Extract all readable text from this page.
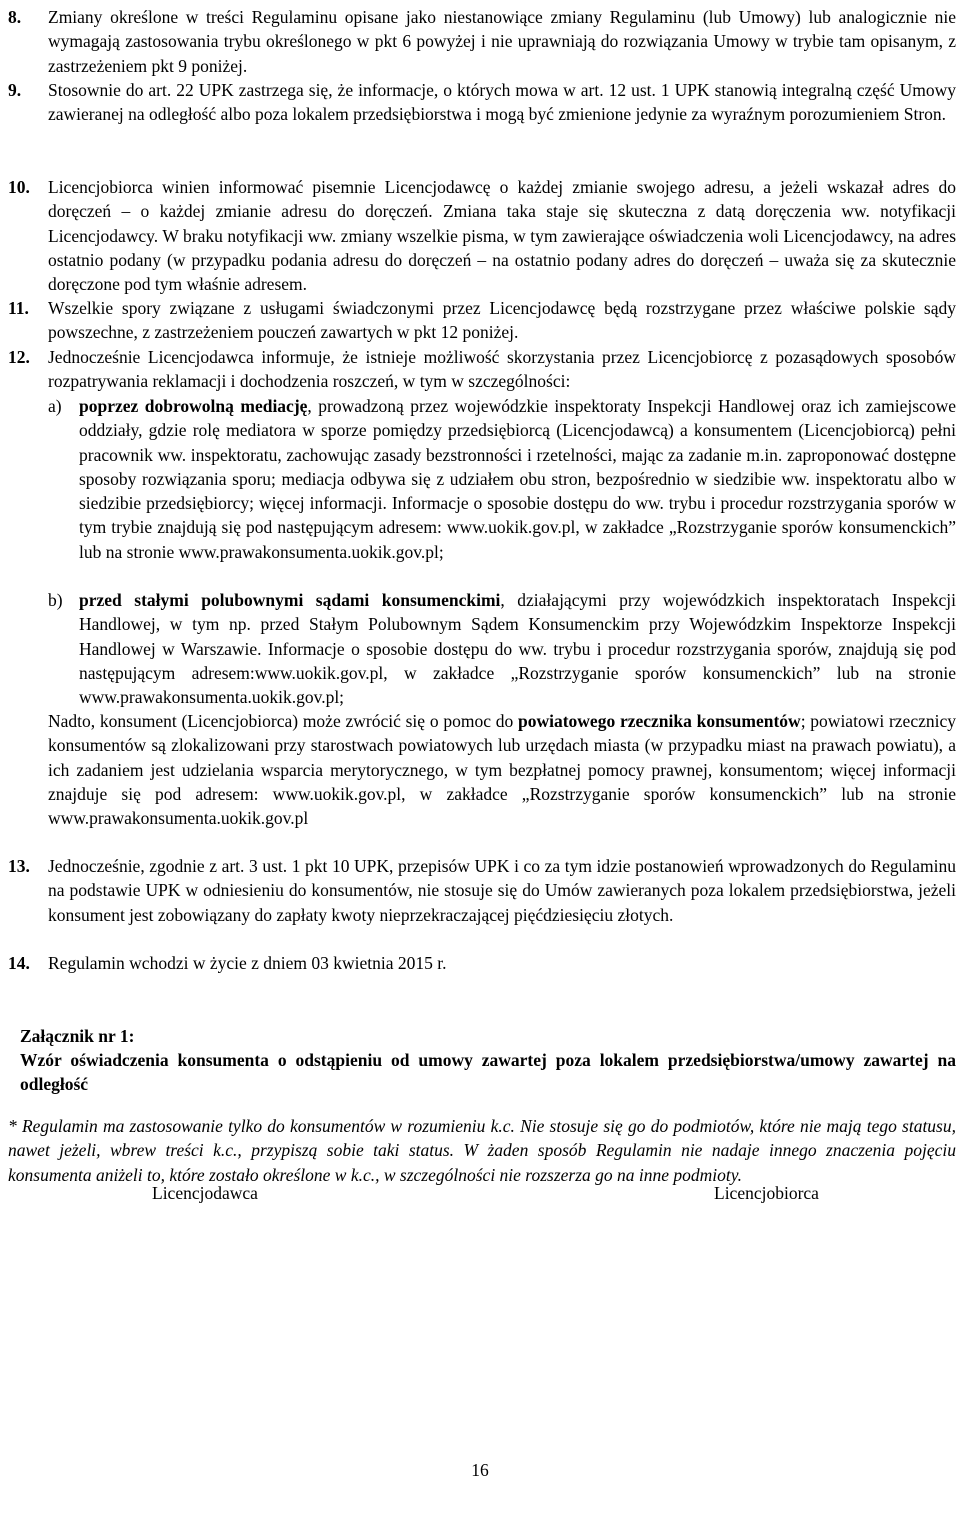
8. Zmiany określone w treści Regulaminu opisane jako niestanowiące zmiany Regulaminu (lub Umowy) lub analogicznie nie wymagają zastosowania trybu określonego w pkt 6 powyżej i nie uprawniają do rozwiązania Umowy w trybie tam opisanym, z zastrzeżeniem pkt 9 poniżej.
9. Stosownie do art. 22 UPK zastrzega się, że informacje, o których mowa w art. 12 ust. 1 UPK stanowią integralną część Umowy zawieranej na odległość albo poza lokalem przedsiębiorstwa i mogą być zmienione jedynie za wyraźnym porozumieniem Stron.
10. Licencjobiorca winien informować pisemnie Licencjodawcę o każdej zmianie swojego adresu, a jeżeli wskazał adres do doręczeń – o każdej zmianie adresu do doręczeń. Zmiana taka staje się skuteczna z datą doręczenia ww. notyfikacji Licencjodawcy. W braku notyfikacji ww. zmiany wszelkie pisma, w tym zawierające oświadczenia woli Licencjodawcy, na adres ostatnio podany (w przypadku podania adresu do doręczeń – na ostatnio podany adres do doręczeń – uważa się za skutecznie doręczone pod tym właśnie adresem.
11. Wszelkie spory związane z usługami świadczonymi przez Licencjodawcę będą rozstrzygane przez właściwe polskie sądy powszechne, z zastrzeżeniem pouczeń zawartych w pkt 12 poniżej.
12. Jednocześnie Licencjodawca informuje, że istnieje możliwość skorzystania przez Licencjobiorcę z pozasądowych sposobów rozpatrywania reklamacji i dochodzenia roszczeń, w tym w szczególności:
a) poprzez dobrowolną mediację, prowadzoną przez wojewódzkie inspektoraty Inspekcji Handlowej oraz ich zamiejscowe oddziały, gdzie rolę mediatora w sporze pomiędzy przedsiębiorcą (Licencjodawcą) a konsumentem (Licencjobiorcą) pełni pracownik ww. inspektoratu, zachowując zasady bezstronności i rzetelności, mając za zadanie m.in. zaproponować dostępne sposoby rozwiązania sporu; mediacja odbywa się z udziałem obu stron, bezpośrednio w siedzibie ww. inspektoratu albo w siedzibie przedsiębiorcy; więcej informacji. Informacje o sposobie dostępu do ww. trybu i procedur rozstrzygania sporów w tym trybie znajdują się pod następującym adresem: www.uokik.gov.pl, w zakładce „Rozstrzyganie sporów konsumenckich” lub na stronie www.prawakonsumenta.uokik.gov.pl;
b) przed stałymi polubownymi sądami konsumenckimi, działającymi przy wojewódzkich inspektoratach Inspekcji Handlowej, w tym np. przed Stałym Polubownym Sądem Konsumenckim przy Wojewódzkim Inspektorze Inspekcji Handlowej w Warszawie. Informacje o sposobie dostępu do ww. trybu i procedur rozstrzygania sporów, znajdują się pod następującym adresem:www.uokik.gov.pl, w zakładce „Rozstrzyganie sporów konsumenckich” lub na stronie www.prawakonsumenta.uokik.gov.pl;
Nadto, konsument (Licencjobiorca) może zwrócić się o pomoc do powiatowego rzecznika konsumentów; powiatowi rzecznicy konsumentów są zlokalizowani przy starostwach powiatowych lub urzędach miasta (w przypadku miast na prawach powiatu), a ich zadaniem jest udzielania wsparcia merytorycznego, w tym bezpłatnej pomocy prawnej, konsumentom; więcej informacji znajduje się pod adresem: www.uokik.gov.pl, w zakładce „Rozstrzyganie sporów konsumenckich” lub na stronie www.prawakonsumenta.uokik.gov.pl
13. Jednocześnie, zgodnie z art. 3 ust. 1 pkt 10 UPK, przepisów UPK i co za tym idzie postanowień wprowadzonych do Regulaminu na podstawie UPK w odniesieniu do konsumentów, nie stosuje się do Umów zawieranych poza lokalem przedsiębiorstwa, jeżeli konsument jest zobowiązany do zapłaty kwoty nieprzekraczającej pięćdziesięciu złotych.
14. Regulamin wchodzi w życie z dniem 03 kwietnia 2015 r.
Załącznik nr 1:
Wzór oświadczenia konsumenta o odstąpieniu od umowy zawartej poza lokalem przedsiębiorstwa/umowy zawartej na odległość
* Regulamin ma zastosowanie tylko do konsumentów w rozumieniu k.c. Nie stosuje się go do podmiotów, które nie mają tego statusu, nawet jeżeli, wbrew treści k.c., przypiszą sobie taki status. W żaden sposób Regulamin nie nadaje innego znaczenia pojęciu konsumenta aniżeli to, które zostało określone w k.c., w szczególności nie rozszerza go na inne podmioty.
Licencjodawca	Licencjobiorca
16
